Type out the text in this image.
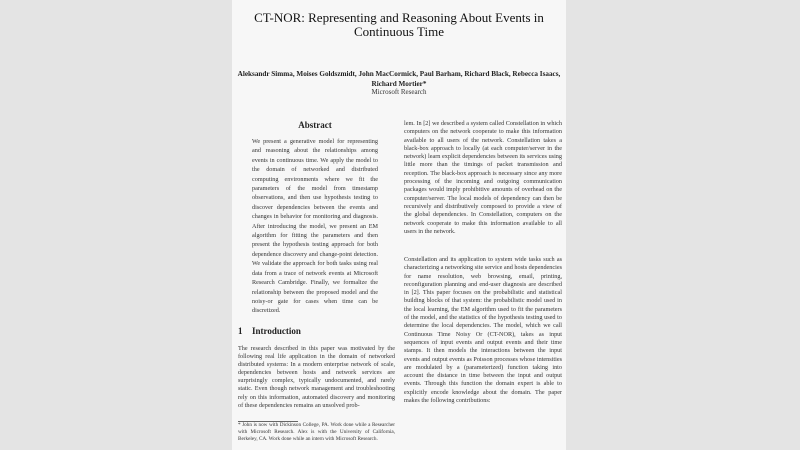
CT-NOR: Representing and Reasoning About Events in Continuous Time
Aleksandr Simma, Moises Goldszmidt, John MacCormick, Paul Barham, Richard Black, Rebecca Isaacs, Richard Mortier*
Microsoft Research
Abstract

We present a generative model for representing and reasoning about the relationships among events in continuous time. We apply the model to the domain of networked and distributed computing environments where we fit the parameters of the model from timestamp observations, and then use hypothesis testing to discover dependencies between the events and changes in behavior for monitoring and diagnosis. After introducing the model, we present an EM algorithm for fitting the parameters and then present the hypothesis testing approach for both dependence discovery and change-point detection. We validate the approach for both tasks using real data from a trace of network events at Microsoft Research Cambridge. Finally, we formalize the relationship between the proposed model and the noisy-or gate for cases when time can be discretized.

1 Introduction

The research described in this paper was motivated by the following real life application in the domain of networked distributed systems: In a modern enterprise network of scale, dependencies between hosts and network services are surprisingly complex, typically undocumented, and rarely static. Even though network management and troubleshooting rely on this information, automated discovery and monitoring of these dependencies remains an unsolved prob-

* John is now with Dickinson College, PA. Work done while a Researcher with Microsoft Research. Alex is with the University of California, Berkeley, CA. Work done while an intern with Microsoft Research.

lem. In [2] we described a system called Constellation in which computers on the network cooperate to make this information available to all users of the network. Constellation takes a black-box approach to locally (at each computer/server in the network) learn explicit dependencies between its services using little more than the timings of packet transmission and reception. The black-box approach is necessary since any more processing of the incoming and outgoing communication packages would imply prohibitive amounts of overhead on the computer/server. The local models of dependency can then be recursively and distributively composed to provide a view of the global dependencies. In Constellation, computers on the network cooperate to make this information available to all users in the network.

Constellation and its application to system wide tasks such as characterizing a networking site service and hosts dependencies for name resolution, web browsing, email, printing, reconfiguration planning and end-user diagnosis are described in [2]. This paper focuses on the probabilistic and statistical building blocks of that system: the probabilistic model used in the local learning, the EM algorithm used to fit the parameters of the model, and the statistics of the hypothesis testing used to determine the local dependencies. The model, which we call Continuous Time Noisy Or (CT-NOR), takes as input sequences of input events and output events and their time stamps. It then models the interactions between the input events and output events as Poisson processes whose intensities are modulated by a (parameterized) function taking into account the distance in time between the input and output events. Through this function the domain expert is able to explicitly encode knowledge about the domain. The paper makes the following contributions:
